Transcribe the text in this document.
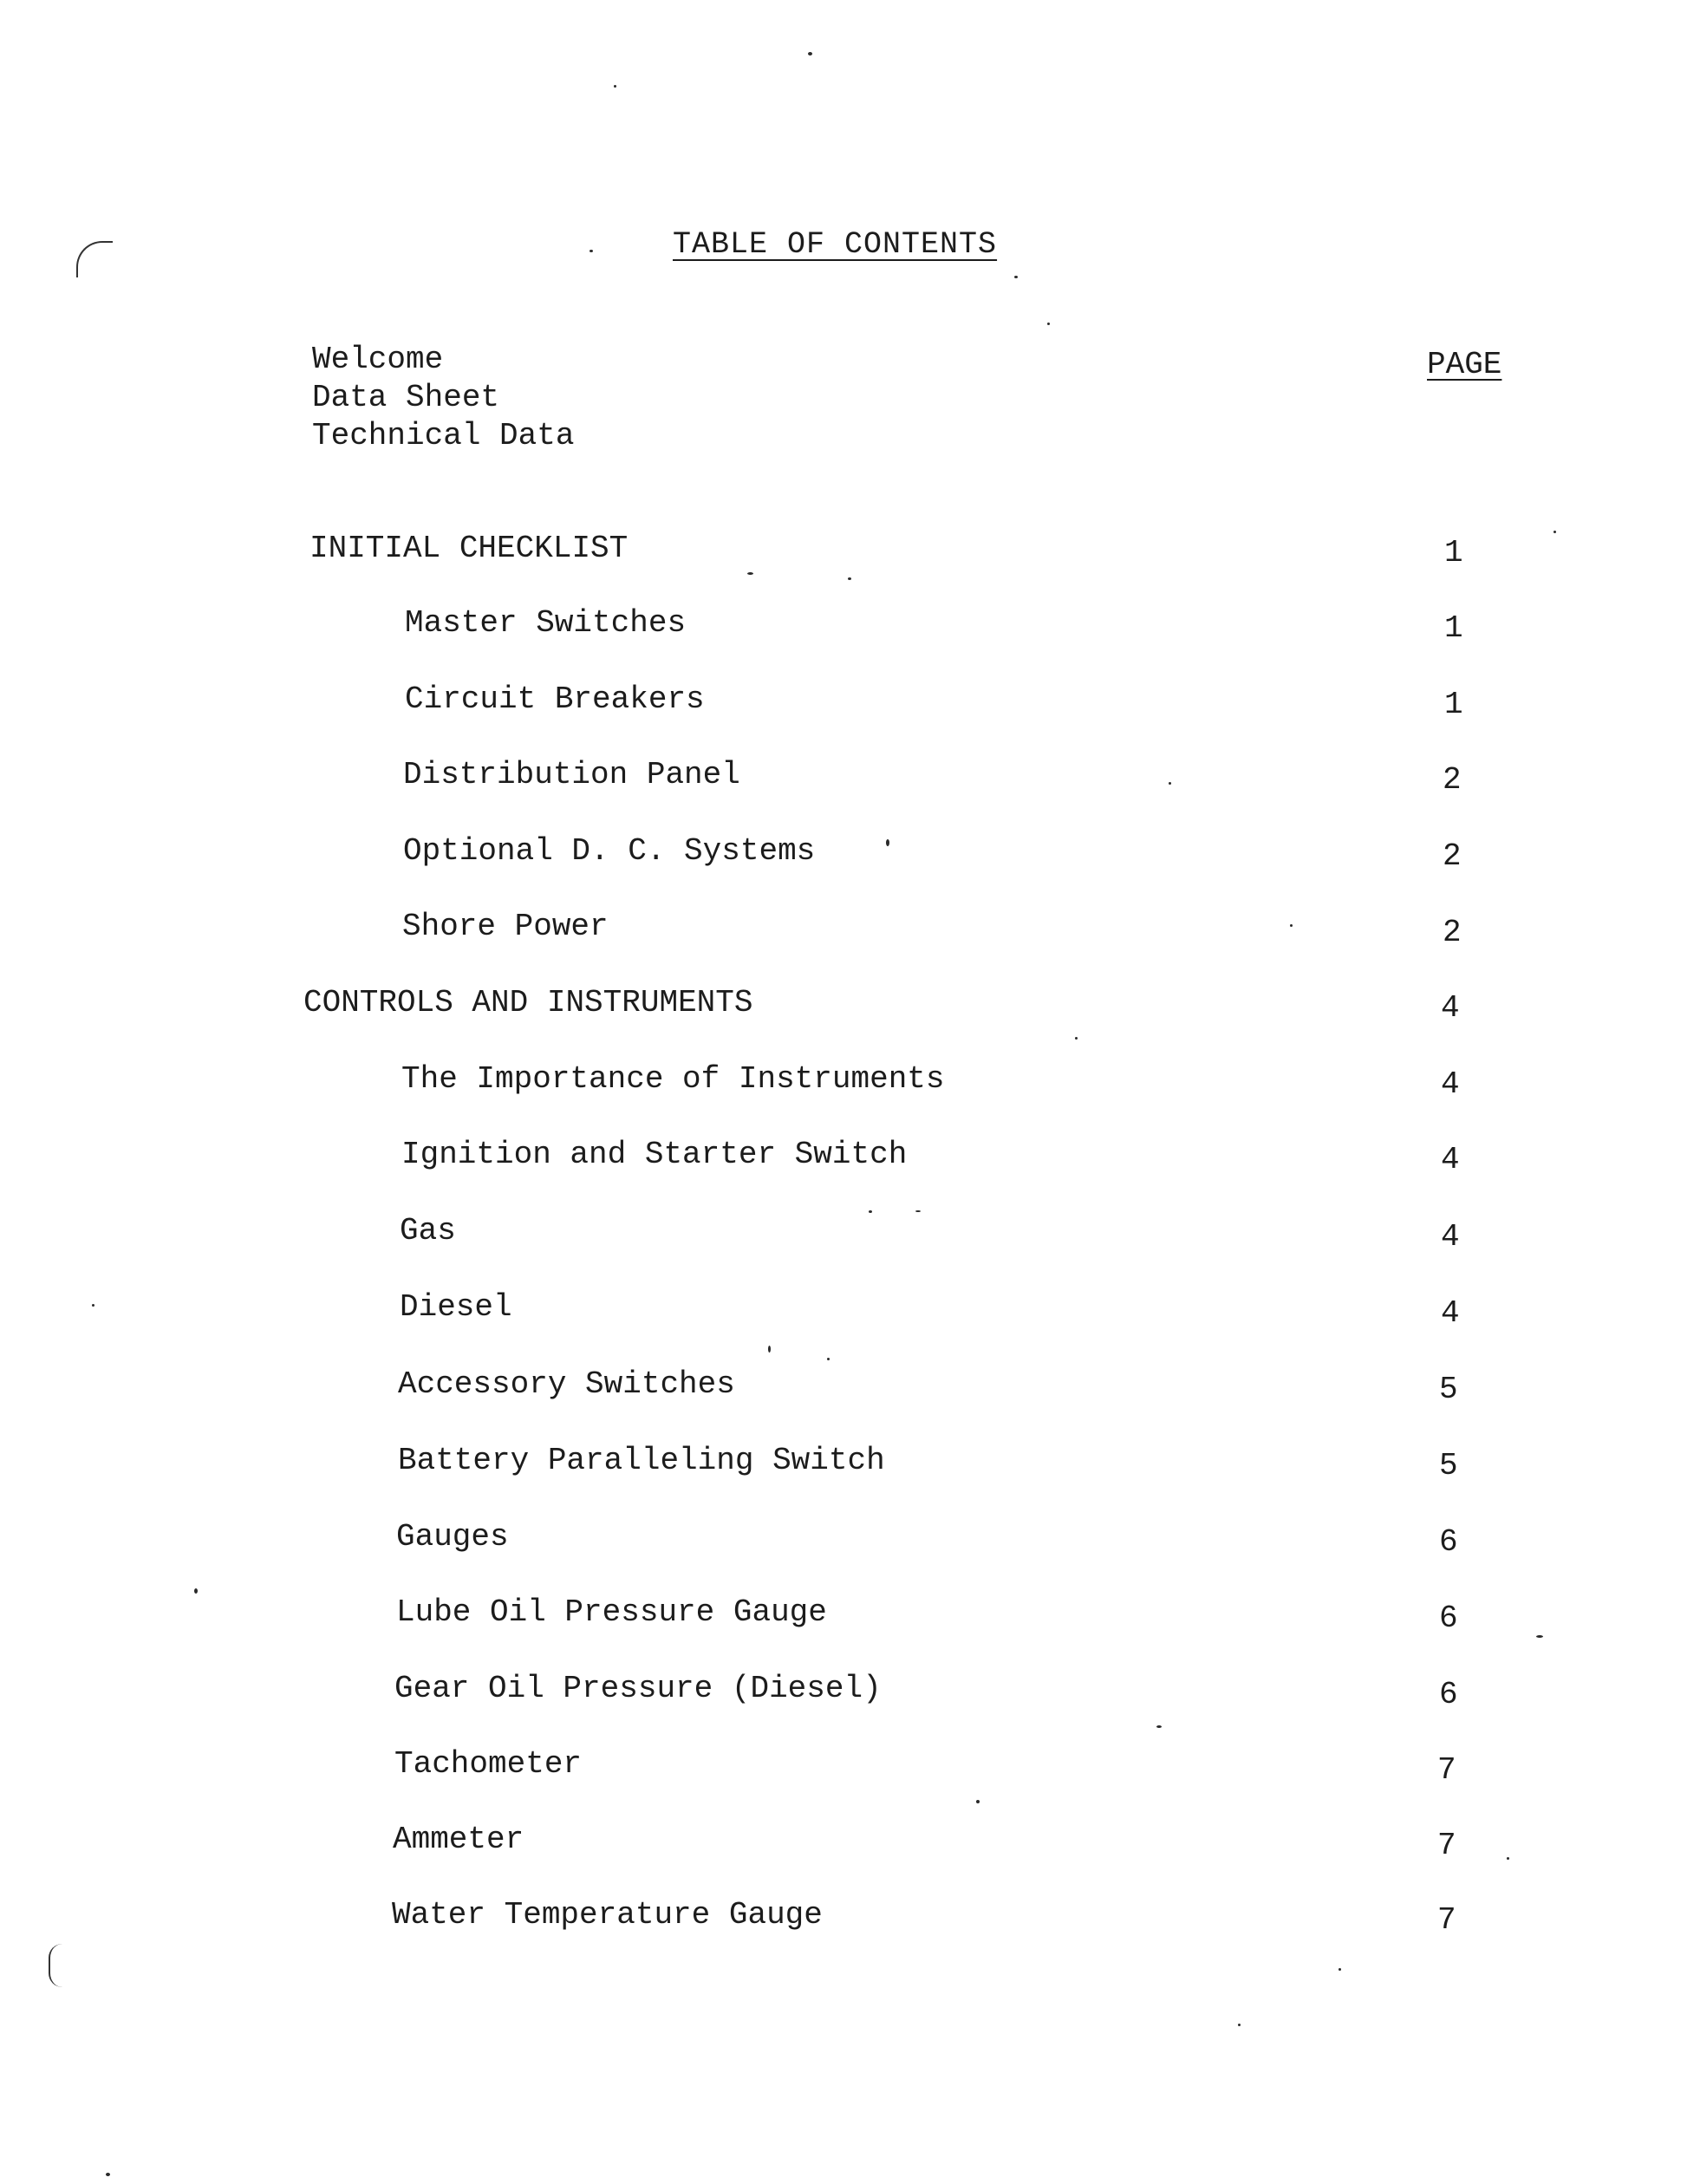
TABLE OF CONTENTS
Welcome
Data Sheet
Technical Data
PAGE
INITIAL CHECKLIST	1
Master Switches	1
Circuit Breakers	1
Distribution Panel	2
Optional D. C. Systems	2
Shore Power	2
CONTROLS AND INSTRUMENTS	4
The Importance of Instruments	4
Ignition and Starter Switch	4
Gas	4
Diesel	4
Accessory Switches	5
Battery Paralleling Switch	5
Gauges	6
Lube Oil Pressure Gauge	6
Gear Oil Pressure (Diesel)	6
Tachometer	7
Ammeter	7
Water Temperature Gauge	7
